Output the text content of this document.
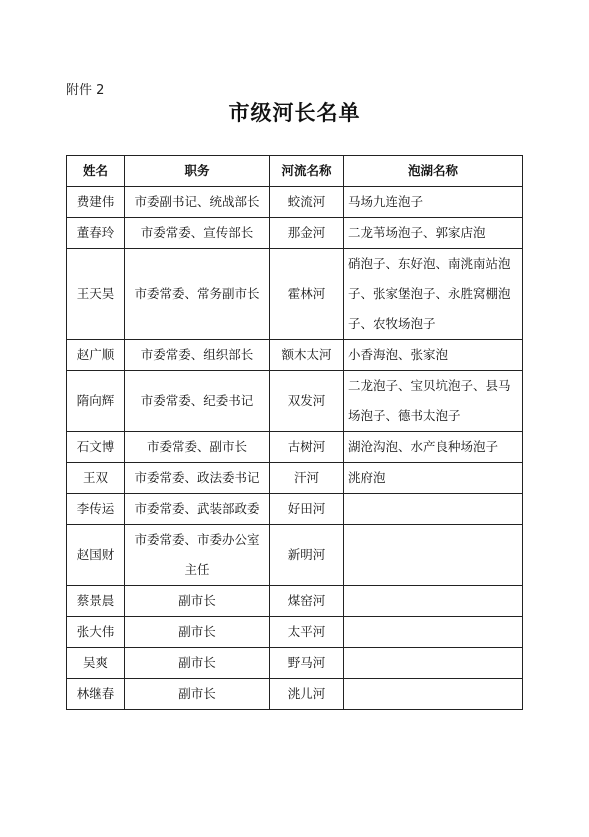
附件 2
市级河长名单
姓名	职务	河流名称	泡湖名称
费建伟	市委副书记、统战部长	蛟流河	马场九连泡子
董春玲	市委常委、宣传部长	那金河	二龙苇场泡子、郭家店泡
王天昊	市委常委、常务副市长	霍林河	硝泡子、东好泡、南洮南站泡子、张家堡泡子、永胜窝棚泡子、农牧场泡子
赵广顺	市委常委、组织部长	额木太河	小香海泡、张家泡
隋向辉	市委常委、纪委书记	双发河	二龙泡子、宝贝坑泡子、县马场泡子、德书太泡子
石文博	市委常委、副市长	古树河	湖沧沟泡、水产良种场泡子
王双	市委常委、政法委书记	汗河	洮府泡
李传运	市委常委、武装部政委	好田河	
赵国财	市委常委、市委办公室主任	新明河	
蔡景晨	副市长	煤窑河	
张大伟	副市长	太平河	
吴爽	副市长	野马河	
林继春	副市长	洮儿河	
